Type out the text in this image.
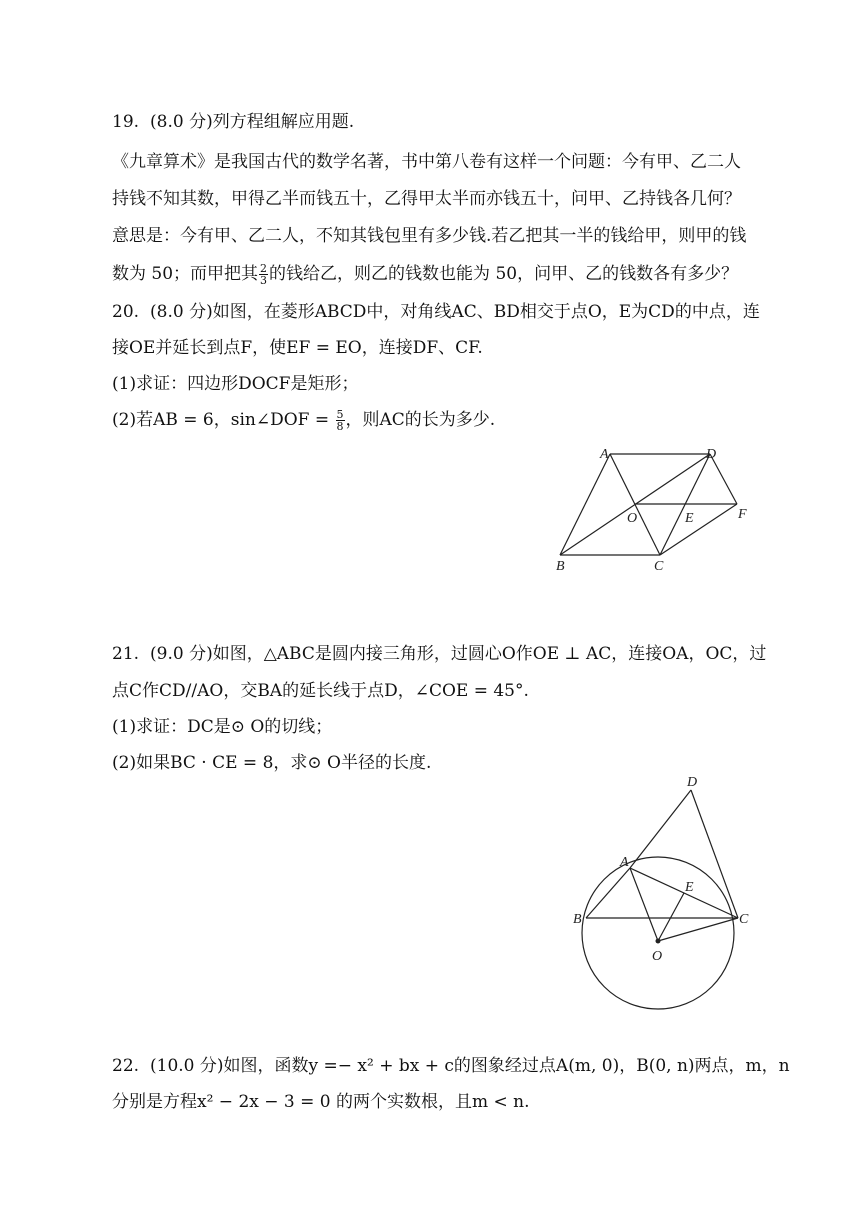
19. (8.0 分)列方程组解应用题.
《九章算术》是我国古代的数学名著，书中第八卷有这样一个问题：今有甲、乙二人
持钱不知其数，甲得乙半而钱五十，乙得甲太半而亦钱五十，问甲、乙持钱各几何？
意思是：今有甲、乙二人，不知其钱包里有多少钱.若乙把其一半的钱给甲，则甲的钱
数为 50；而甲把其 $\frac{2}{3}$ 的钱给乙，则乙的钱数也能为 50，问甲、乙的钱数各有多少？
20. (8.0 分)如图，在菱形ABCD中，对角线AC、BD相交于点O，E为CD的中点，连
接OE并延长到点F，使EF = EO，连接DF、CF.
(1)求证：四边形DOCF是矩形；
(2)若AB = 6，sin∠DOF = $\frac{5}{8}$ ，则AC的长为多少.
A	D
B	C
O	E	F
21. (9.0 分)如图，△ABC是圆内接三角形，过圆心O作OE ⊥ AC，连接OA，OC，过
点C作CD//AO，交BA的延长线于点D，∠COE = 45°.
(1)求证：DC是⊙ O的切线；
(2)如果BC · CE = 8，求⊙ O半径的长度.
D
A
E
B	C
O
22. (10.0 分)如图，函数y =− x² + bx + c的图象经过点A(m, 0)，B(0, n)两点，m，n
分别是方程x² − 2x − 3 = 0 的两个实数根，且m < n.
